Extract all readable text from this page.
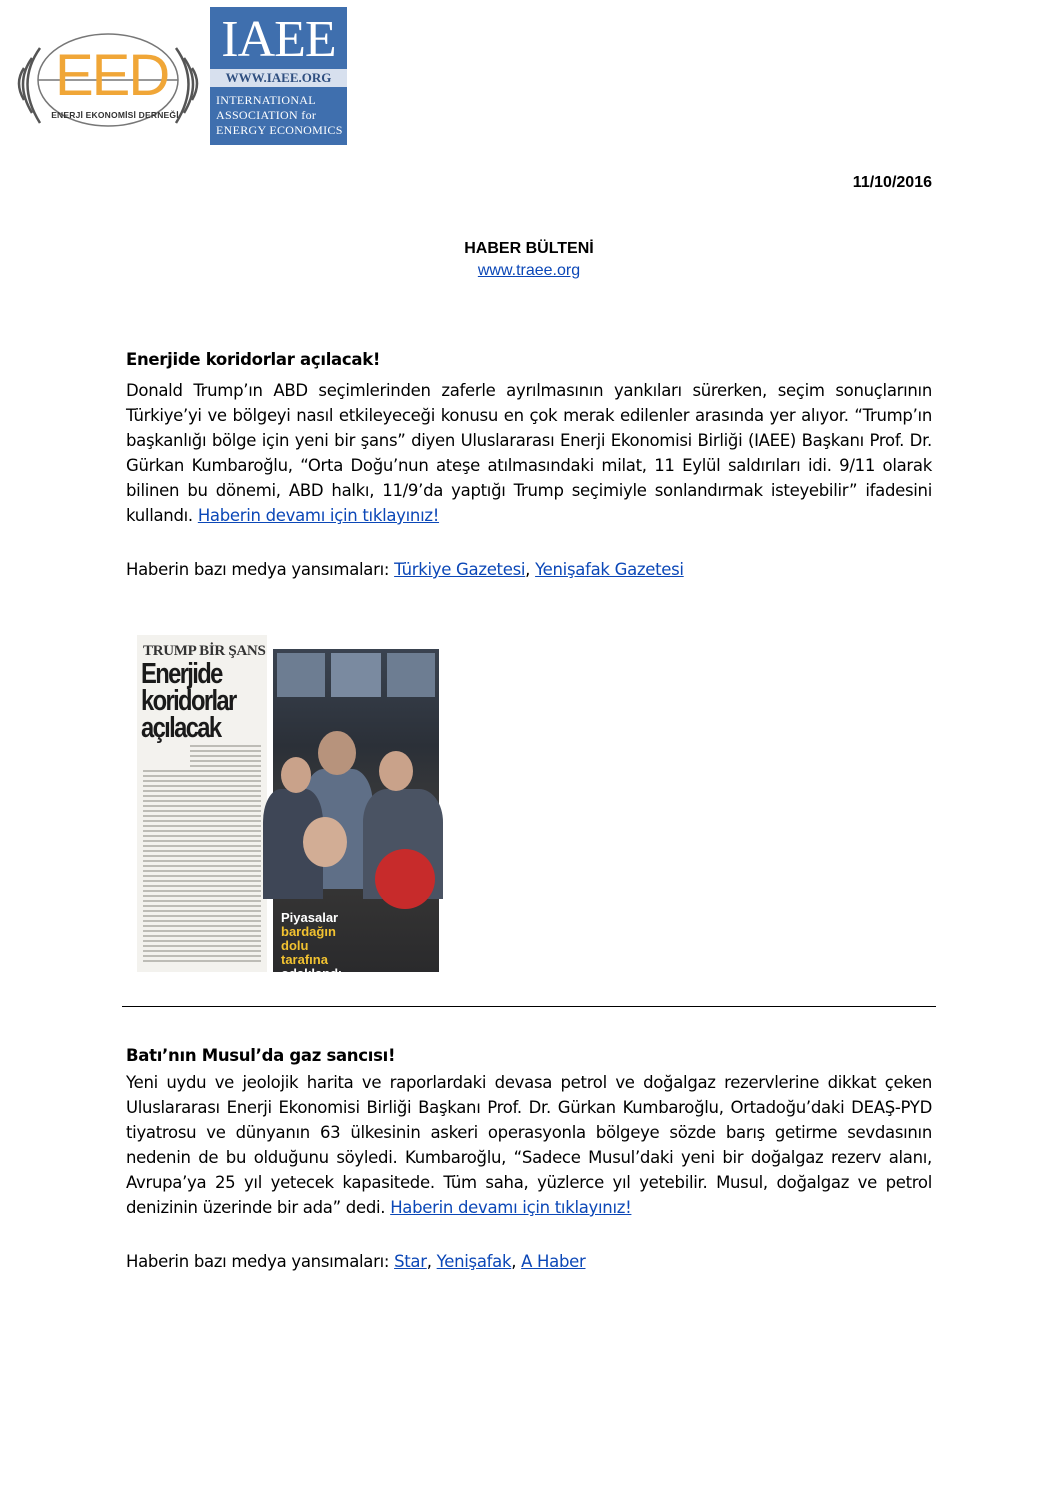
EED
ENERJİ EKONOMİSİ DERNEĞİ
IAEE
WWW.IAEE.ORG
INTERNATIONAL
ASSOCIATION for
ENERGY ECONOMICS
11/10/2016
HABER BÜLTENİ
www.traee.org
Enerjide koridorlar açılacak!

Donald Trump’ın ABD seçimlerinden zaferle ayrılmasının yankıları sürerken, seçim sonuçlarının Türkiye’yi ve bölgeyi nasıl etkileyeceği konusu en çok merak edilenler arasında yer alıyor. “Trump’ın başkanlığı bölge için yeni bir şans” diyen Uluslararası Enerji Ekonomisi Birliği (IAEE) Başkanı Prof. Dr. Gürkan Kumbaroğlu, “Orta Doğu’nun ateşe atılmasındaki milat, 11 Eylül saldırıları idi. 9/11 olarak bilinen bu dönemi, ABD halkı, 11/9’da yaptığı Trump seçimiyle sonlandırmak isteyebilir” ifadesini kullandı. Haberin devamı için tıklayınız!

Haberin bazı medya yansımaları: Türkiye Gazetesi, Yenişafak Gazetesi
TRUMP BİR ŞANS
Enerjide
koridorlar
açılacak
Piyasalar
bardağın
dolu tarafına
odaklandı
Batı’nın Musul’da gaz sancısı!

Yeni uydu ve jeolojik harita ve raporlardaki devasa petrol ve doğalgaz rezervlerine dikkat çeken Uluslararası Enerji Ekonomisi Birliği Başkanı Prof. Dr. Gürkan Kumbaroğlu, Ortadoğu’daki DEAŞ-PYD tiyatrosu ve dünyanın 63 ülkesinin askeri operasyonla bölgeye sözde barış getirme sevdasının nedenin de bu olduğunu söyledi. Kumbaroğlu, “Sadece Musul’daki yeni bir doğalgaz rezerv alanı, Avrupa’ya 25 yıl yetecek kapasitede. Tüm saha, yüzlerce yıl yetebilir. Musul, doğalgaz ve petrol denizinin üzerinde bir ada” dedi. Haberin devamı için tıklayınız!

Haberin bazı medya yansımaları: Star, Yenişafak, A Haber
